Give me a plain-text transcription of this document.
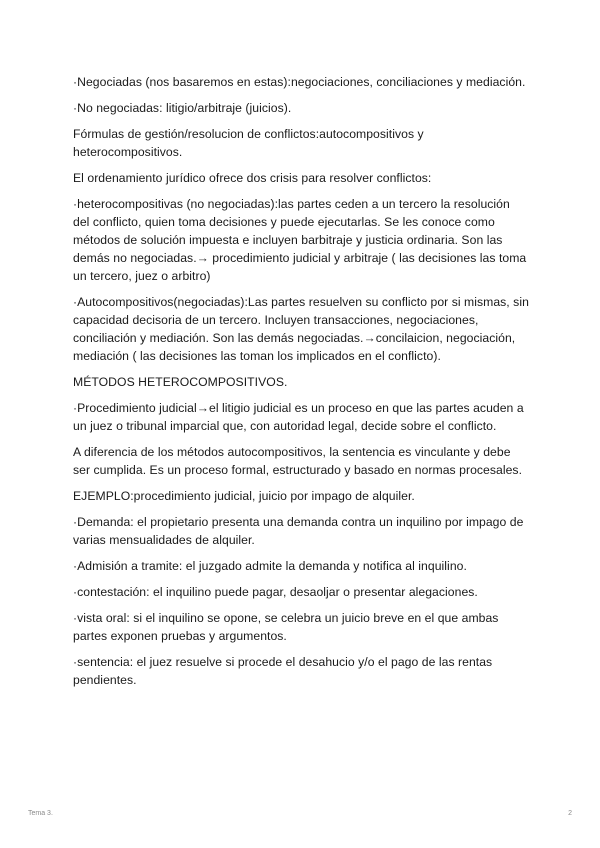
·Negociadas (nos basaremos en estas):negociaciones, conciliaciones y mediación.

·No negociadas: litigio/arbitraje (juicios).

Fórmulas de gestión/resolucion de conflictos:autocompositivos y heterocompositivos.

El ordenamiento jurídico ofrece dos crisis para resolver conflictos:

·heterocompositivas (no negociadas):las partes ceden a un tercero la resolución del conflicto, quien toma decisiones y puede ejecutarlas. Se les conoce como métodos de solución impuesta e incluyen barbitraje y justicia ordinaria. Son las demás no negociadas.→ procedimiento judicial y arbitraje ( las decisiones las toma un tercero, juez o arbitro)

·Autocompositivos(negociadas):Las partes resuelven su conflicto por si mismas, sin capacidad decisoria de un tercero. Incluyen transacciones, negociaciones, conciliación y mediación. Son las demás negociadas.→concilaicion, negociación, mediación ( las decisiones las toman los implicados en el conflicto).

MÉTODOS HETEROCOMPOSITIVOS.

·Procedimiento judicial→el litigio judicial es un proceso en que las partes acuden a un juez o tribunal imparcial que, con autoridad legal, decide sobre el conflicto.

A diferencia de los métodos autocompositivos, la sentencia es vinculante y debe ser cumplida. Es un proceso formal, estructurado y basado en normas procesales.

EJEMPLO:procedimiento judicial, juicio por impago de alquiler.

·Demanda: el propietario presenta una demanda contra un inquilino por impago de varias mensualidades de alquiler.

·Admisión a tramite: el juzgado admite la demanda y notifica al inquilino.

·contestación: el inquilino puede pagar, desaoljar o presentar alegaciones.

·vista oral: si el inquilino se opone, se celebra un juicio breve en el que ambas partes exponen pruebas y argumentos.

·sentencia: el juez resuelve si procede el desahucio y/o el pago de las rentas pendientes.

Tema 3.	2
